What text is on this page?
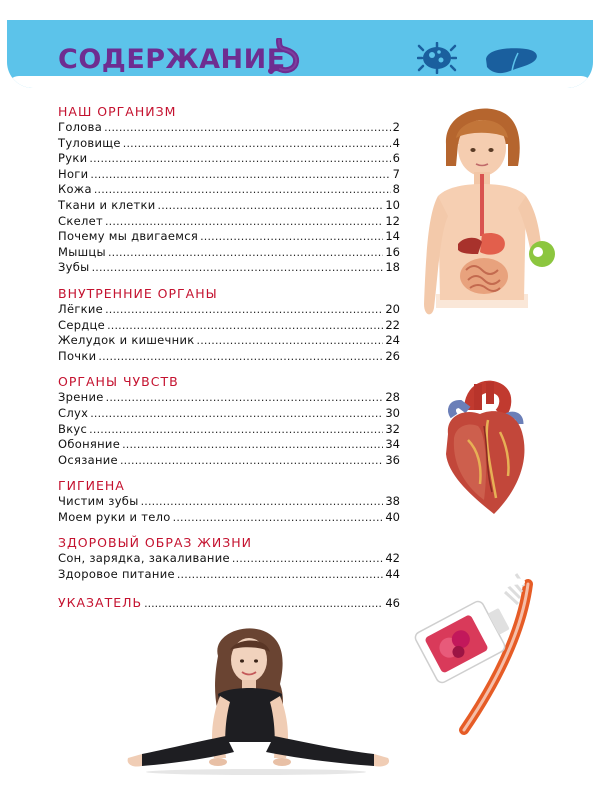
СОДЕРЖАНИЕ
НАШ ОРГАНИЗМ
Голова .....	2
Туловище .....	4
Руки .....	6
Ноги .....	7
Кожа .....	8
Ткани и клетки .....	10
Скелет .....	12
Почему мы двигаемся .....	14
Мышцы .....	16
Зубы .....	18
ВНУТРЕННИЕ ОРГАНЫ
Лёгкие .....	20
Сердце .....	22
Желудок и кишечник .....	24
Почки .....	26
ОРГАНЫ ЧУВСТВ
Зрение .....	28
Слух .....	30
Вкус .....	32
Обоняние .....	34
Осязание .....	36
ГИГИЕНА
Чистим зубы .....	38
Моем руки и тело .....	40
ЗДОРОВЫЙ ОБРАЗ ЖИЗНИ
Сон, зарядка, закаливание .....	42
Здоровое питание .....	44
УКАЗАТЕЛЬ .....	46
